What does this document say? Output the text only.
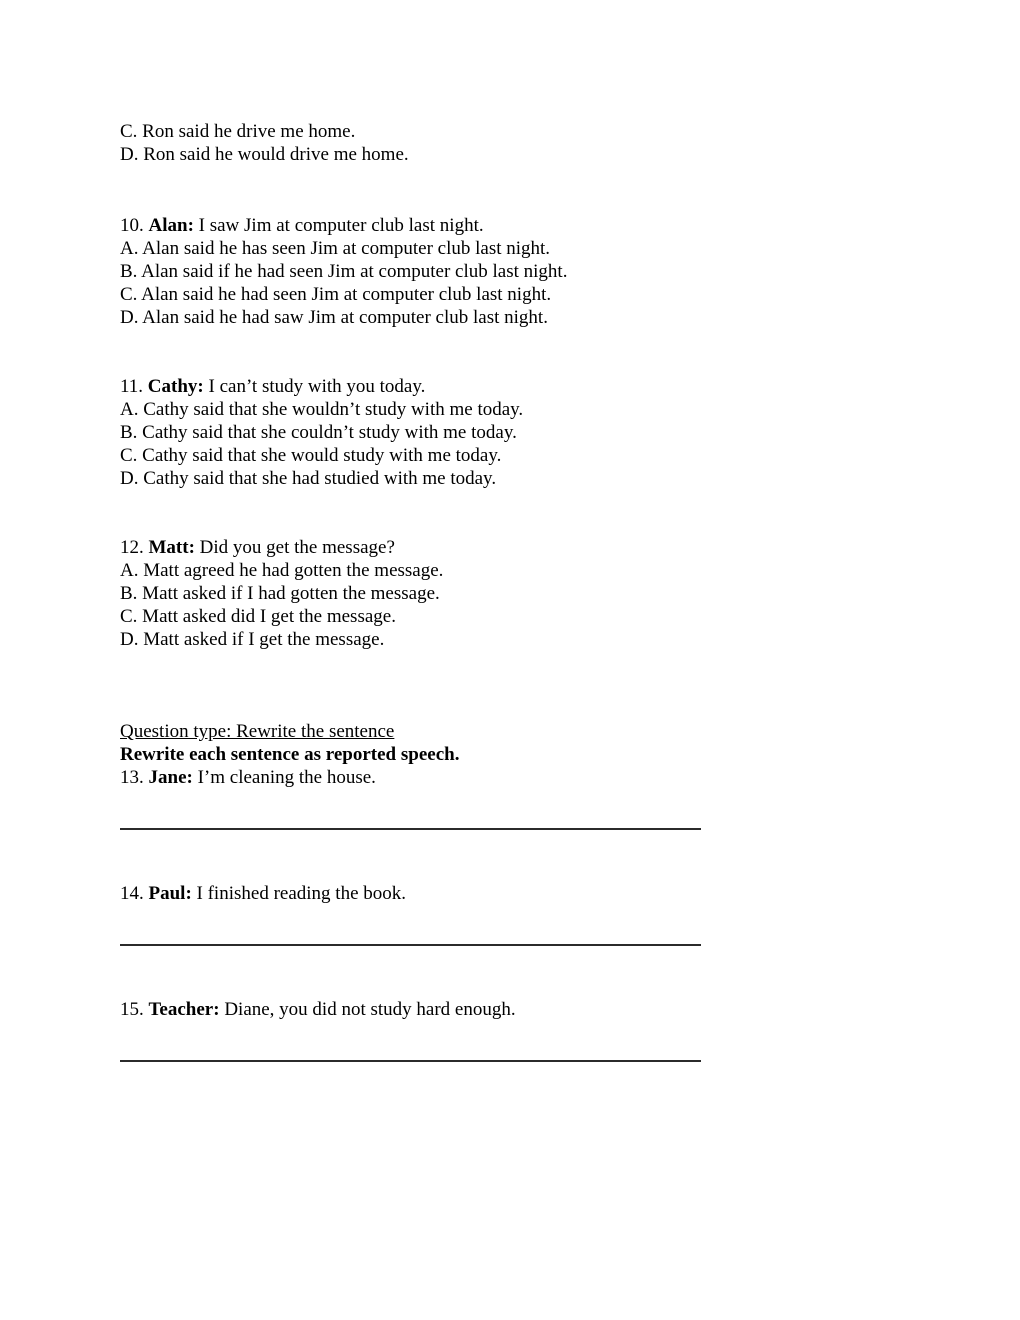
C. Ron said he drive me home.

D. Ron said he would drive me home.

10. Alan: I saw Jim at computer club last night.

A. Alan said he has seen Jim at computer club last night.

B. Alan said if he had seen Jim at computer club last night.

C. Alan said he had seen Jim at computer club last night.

D. Alan said he had saw Jim at computer club last night.

11. Cathy: I can’t study with you today.

A. Cathy said that she wouldn’t study with me today.

B. Cathy said that she couldn’t study with me today.

C. Cathy said that she would study with me today.

D. Cathy said that she had studied with me today.

12. Matt: Did you get the message?

A. Matt agreed he had gotten the message.

B. Matt asked if I had gotten the message.

C. Matt asked did I get the message.

D. Matt asked if I get the message.

Question type: Rewrite the sentence

Rewrite each sentence as reported speech.

13. Jane: I’m cleaning the house.

14. Paul: I finished reading the book.

15. Teacher: Diane, you did not study hard enough.
